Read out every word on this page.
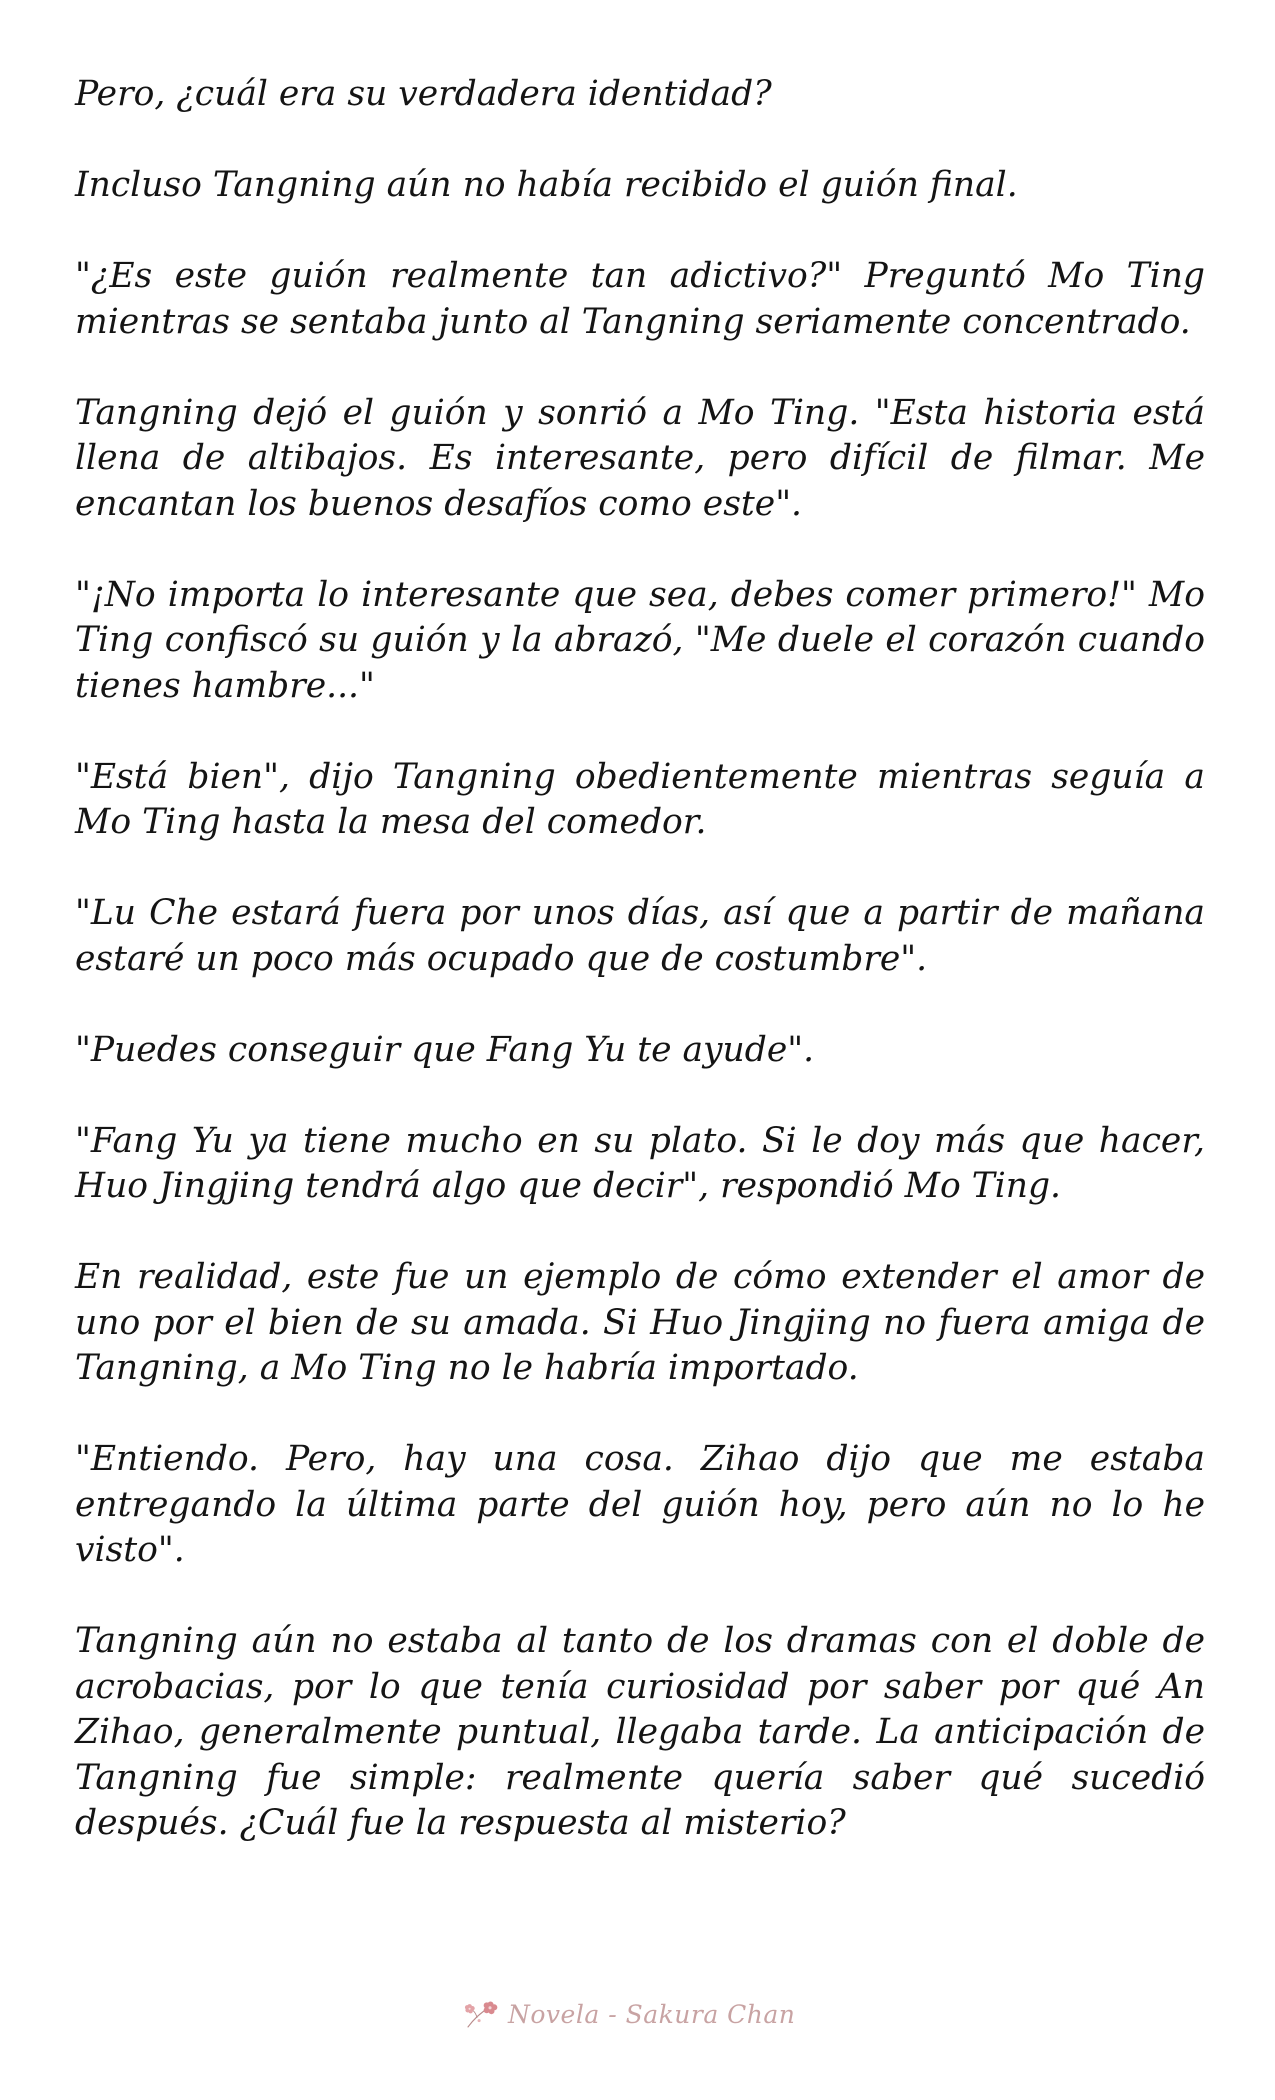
Pero, ¿cuál era su verdadera identidad?

Incluso Tangning aún no había recibido el guión final.

"¿Es este guión realmente tan adictivo?" Preguntó Mo Ting mientras se sentaba junto al Tangning seriamente concentrado.

Tangning dejó el guión y sonrió a Mo Ting. "Esta historia está llena de altibajos. Es interesante, pero difícil de filmar. Me encantan los buenos desafíos como este".

"¡No importa lo interesante que sea, debes comer primero!" Mo Ting confiscó su guión y la abrazó, "Me duele el corazón cuando tienes hambre..."

"Está bien", dijo Tangning obedientemente mientras seguía a Mo Ting hasta la mesa del comedor.

"Lu Che estará fuera por unos días, así que a partir de mañana estaré un poco más ocupado que de costumbre".

"Puedes conseguir que Fang Yu te ayude".

"Fang Yu ya tiene mucho en su plato. Si le doy más que hacer, Huo Jingjing tendrá algo que decir", respondió Mo Ting.

En realidad, este fue un ejemplo de cómo extender el amor de uno por el bien de su amada. Si Huo Jingjing no fuera amiga de Tangning, a Mo Ting no le habría importado.

"Entiendo. Pero, hay una cosa. Zihao dijo que me estaba entregando la última parte del guión hoy, pero aún no lo he visto".

Tangning aún no estaba al tanto de los dramas con el doble de acrobacias, por lo que tenía curiosidad por saber por qué An Zihao, generalmente puntual, llegaba tarde. La anticipación de Tangning fue simple: realmente quería saber qué sucedió después. ¿Cuál fue la respuesta al misterio?

Novela - Sakura Chan
